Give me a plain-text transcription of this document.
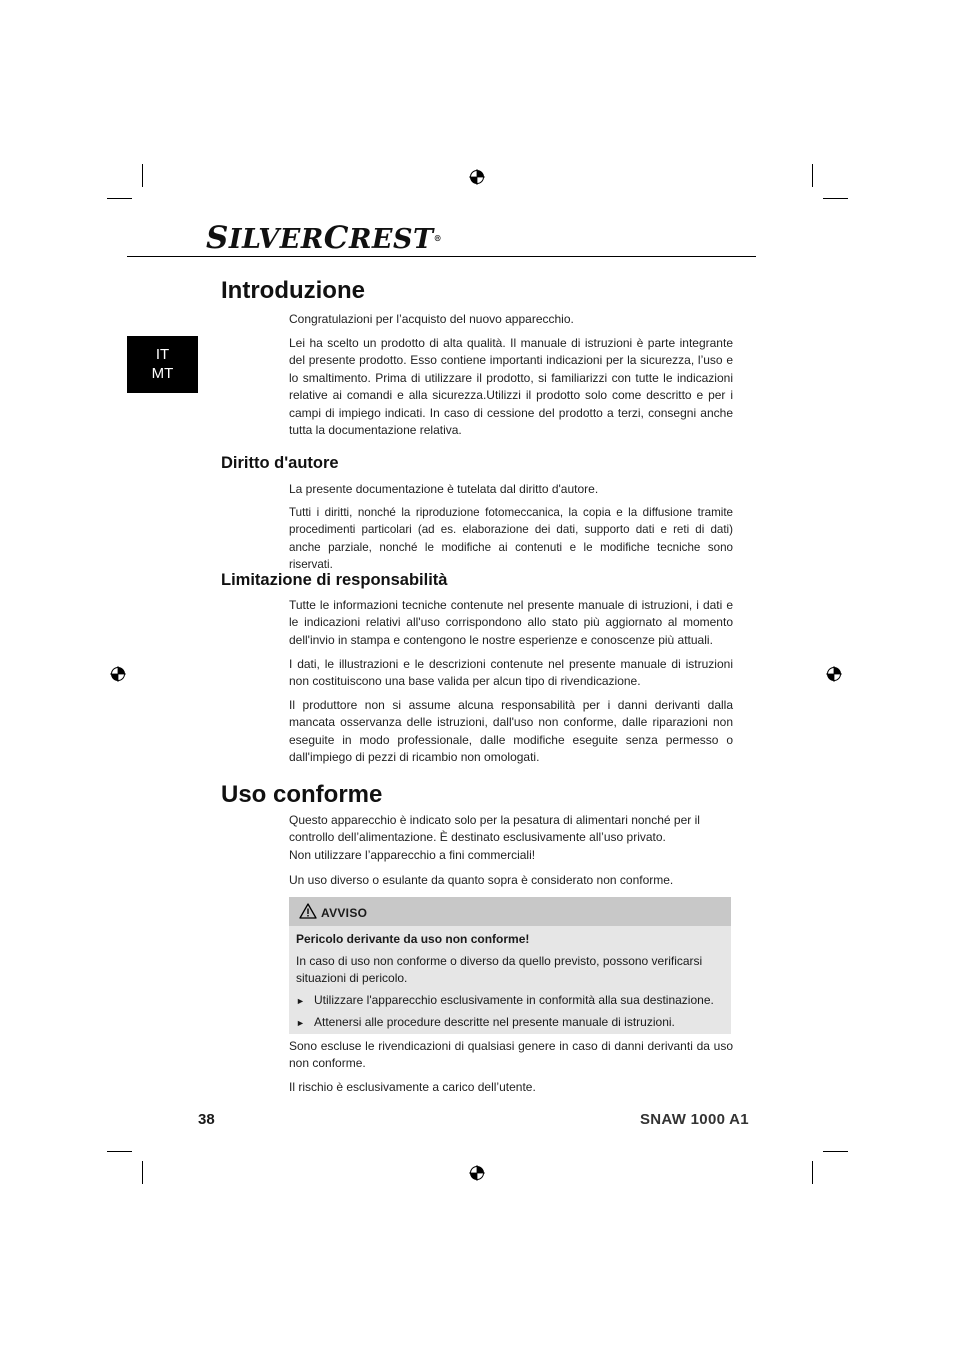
SILVERCREST®
IT
MT
Introduzione

Congratulazioni per l’acquisto del nuovo apparecchio.

Lei ha scelto un prodotto di alta qualità. Il manuale di istruzioni è parte integrante del presente prodotto. Esso contiene importanti indicazioni per la sicurezza, l’uso e lo smaltimento. Prima di utilizzare il prodotto, si familiarizzi con tutte le indicazioni relative ai comandi e alla sicurezza.Utilizzi il prodotto solo come descritto e per i campi di impiego indicati. In caso di cessione del prodotto a terzi, consegni anche tutta la documentazione relativa.

Diritto d'autore

La presente documentazione è tutelata dal diritto d'autore.

Tutti i diritti, nonché la riproduzione fotomeccanica, la copia e la diffusione tramite procedimenti particolari (ad es. elaborazione dei dati, supporto dati e reti di dati) anche parziale, nonché le modifiche ai contenuti e le modifiche tecniche sono riservati.

Limitazione di responsabilità

Tutte le informazioni tecniche contenute nel presente manuale di istruzioni, i dati e le indicazioni relativi all'uso corrispondono allo stato più aggiornato al momento dell'invio in stampa e contengono le nostre esperienze e conoscenze più attuali.

I dati, le illustrazioni e le descrizioni contenute nel presente manuale di istruzioni non costituiscono una base valida per alcun tipo di rivendicazione.

Il produttore non si assume alcuna responsabilità per i danni derivanti dalla mancata osservanza delle istruzioni, dall'uso non conforme, dalle riparazioni non eseguite in modo professionale, dalle modifiche eseguite senza permesso o dall'impiego di pezzi di ricambio non omologati.

Uso conforme

Questo apparecchio è indicato solo per la pesatura di alimentari nonché per il
controllo dell’alimentazione. È destinato esclusivamente all’uso privato.
Non utilizzare l’apparecchio a fini commerciali!

Un uso diverso o esulante da quanto sopra è considerato non conforme.

AVVISO
Pericolo derivante da uso non conforme!

In caso di uso non conforme o diverso da quello previsto, possono verificarsi situazioni di pericolo.

► Utilizzare l'apparecchio esclusivamente in conformità alla sua destinazione.
► Attenersi alle procedure descritte nel presente manuale di istruzioni.

Sono escluse le rivendicazioni di qualsiasi genere in caso di danni derivanti da uso non conforme.

Il rischio è esclusivamente a carico dell’utente.

38	SNAW 1000 A1
